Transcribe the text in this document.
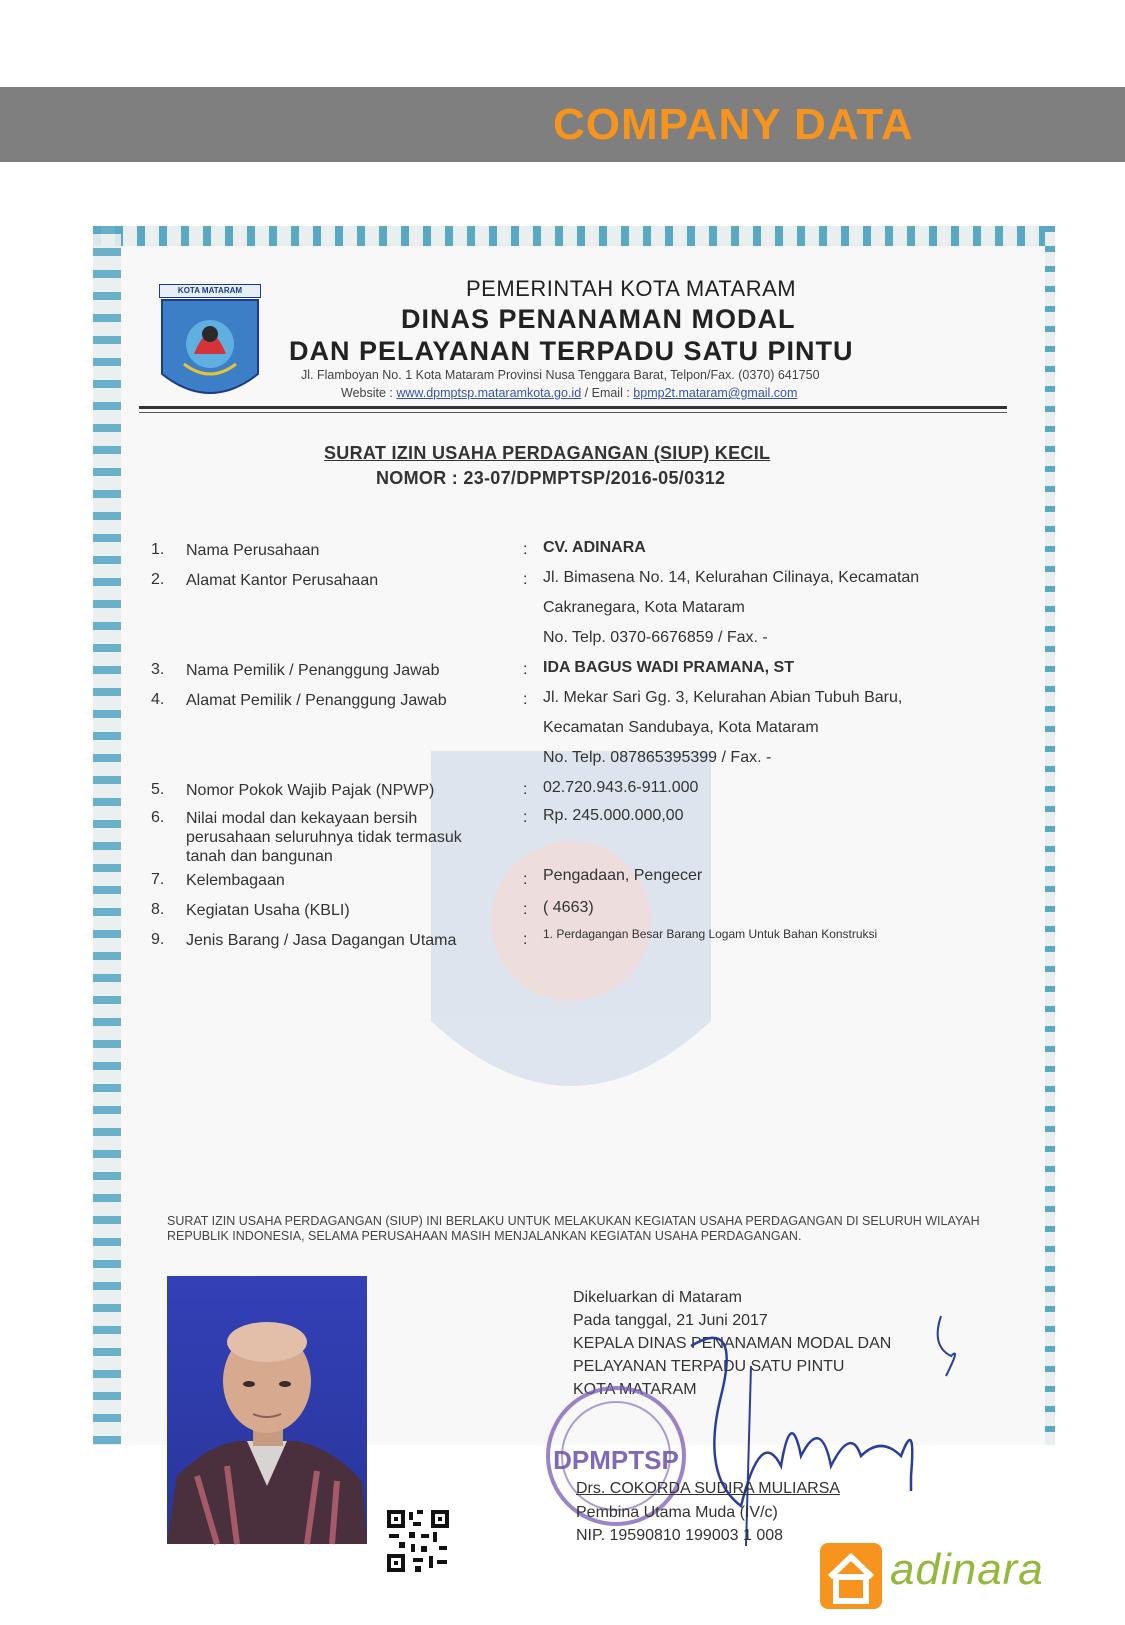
COMPANY DATA
KOTA MATARAM	PEMERINTAH KOTA MATARAM
DINAS PENANAMAN MODAL
DAN PELAYANAN TERPADU SATU PINTU
Jl. Flamboyan No. 1 Kota Mataram Provinsi Nusa Tenggara Barat, Telpon/Fax. (0370) 641750
Website : www.dpmptsp.mataramkota.go.id / Email : bpmp2t.mataram@gmail.com
SURAT IZIN USAHA PERDAGANGAN (SIUP) KECIL
NOMOR : 23-07/DPMPTSP/2016-05/0312
1.	Nama Perusahaan	: CV. ADINARA
2.	Alamat Kantor Perusahaan	: Jl. Bimasena No. 14, Kelurahan Cilinaya, Kecamatan
Cakranegara, Kota Mataram
No. Telp. 0370-6676859 / Fax. -
3.	Nama Pemilik / Penanggung Jawab	: IDA BAGUS WADI PRAMANA, ST
4.	Alamat Pemilik / Penanggung Jawab	: Jl. Mekar Sari Gg. 3, Kelurahan Abian Tubuh Baru,
Kecamatan Sandubaya, Kota Mataram
No. Telp. 087865395399 / Fax. -
5.	Nomor Pokok Wajib Pajak (NPWP)	: 02.720.943.6-911.000
6.	Nilai modal dan kekayaan bersih perusahaan seluruhnya tidak termasuk tanah dan bangunan
: Rp. 245.000.000,00
7.	Kelembagaan	: Pengadaan, Pengecer
8.	Kegiatan Usaha (KBLI)	: ( 4663)
9.	Jenis Barang / Jasa Dagangan Utama	: 1. Perdagangan Besar Barang Logam Untuk Bahan Konstruksi
SURAT IZIN USAHA PERDAGANGAN (SIUP) INI BERLAKU UNTUK MELAKUKAN KEGIATAN USAHA PERDAGANGAN DI SELURUH WILAYAH REPUBLIK INDONESIA, SELAMA PERUSAHAAN MASIH MENJALANKAN KEGIATAN USAHA PERDAGANGAN.
Dikeluarkan di Mataram
Pada tanggal, 21 Juni 2017
KEPALA DINAS PENANAMAN MODAL DAN
PELAYANAN TERPADU SATU PINTU
KOTA MATARAM
DPMPTSP
Drs. COKORDA SUDIRA MULIARSA
Pembina Utama Muda (IV/c)
NIP. 19590810 199003 1 008
adinara
